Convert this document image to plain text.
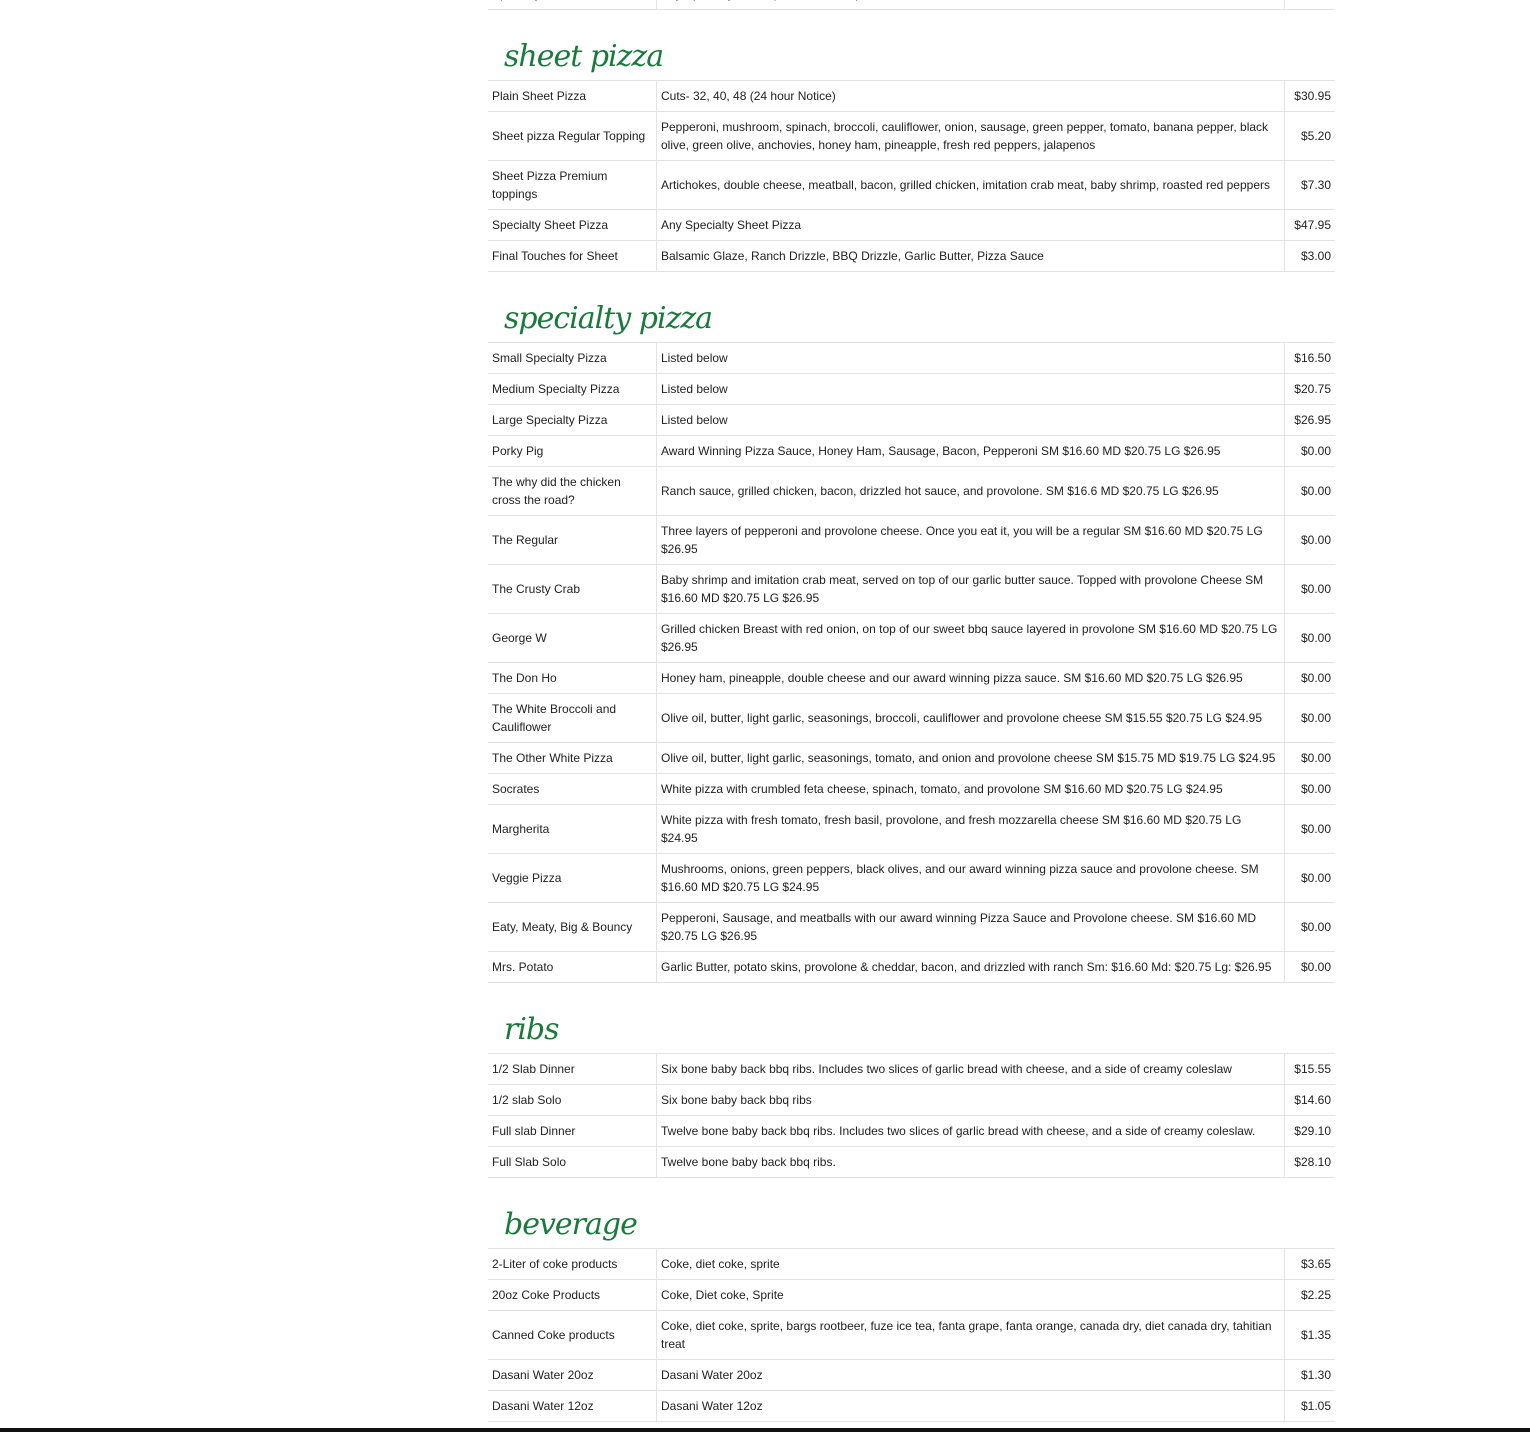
sheet pizza
Plain Sheet Pizza	Cuts- 32, 40, 48 (24 hour Notice)	$30.95
Sheet pizza Regular Topping	Pepperoni, mushroom, spinach, broccoli, cauliflower, onion, sausage, green pepper, tomato, banana pepper, black olive, green olive, anchovies, honey ham, pineapple, fresh red peppers, jalapenos	$5.20
Sheet Pizza Premium toppings	Artichokes, double cheese, meatball, bacon, grilled chicken, imitation crab meat, baby shrimp, roasted red peppers	$7.30
Specialty Sheet Pizza	Any Specialty Sheet Pizza	$47.95
Final Touches for Sheet	Balsamic Glaze, Ranch Drizzle, BBQ Drizzle, Garlic Butter, Pizza Sauce	$3.00
specialty pizza
Small Specialty Pizza	Listed below	$16.50
Medium Specialty Pizza	Listed below	$20.75
Large Specialty Pizza	Listed below	$26.95
Porky Pig	Award Winning Pizza Sauce, Honey Ham, Sausage, Bacon, Pepperoni SM $16.60 MD $20.75 LG $26.95	$0.00
The why did the chicken cross the road?	Ranch sauce, grilled chicken, bacon, drizzled hot sauce, and provolone. SM $16.6 MD $20.75 LG $26.95	$0.00
The Regular	Three layers of pepperoni and provolone cheese. Once you eat it, you will be a regular SM $16.60 MD $20.75 LG $26.95	$0.00
The Crusty Crab	Baby shrimp and imitation crab meat, served on top of our garlic butter sauce. Topped with provolone Cheese SM $16.60 MD $20.75 LG $26.95	$0.00
George W	Grilled chicken Breast with red onion, on top of our sweet bbq sauce layered in provolone SM $16.60 MD $20.75 LG $26.95	$0.00
The Don Ho	Honey ham, pineapple, double cheese and our award winning pizza sauce. SM $16.60 MD $20.75 LG $26.95	$0.00
The White Broccoli and Cauliflower	Olive oil, butter, light garlic, seasonings, broccoli, cauliflower and provolone cheese SM $15.55 $20.75 LG $24.95	$0.00
The Other White Pizza	Olive oil, butter, light garlic, seasonings, tomato, and onion and provolone cheese SM $15.75 MD $19.75 LG $24.95	$0.00
Socrates	White pizza with crumbled feta cheese, spinach, tomato, and provolone SM $16.60 MD $20.75 LG $24.95	$0.00
Margherita	White pizza with fresh tomato, fresh basil, provolone, and fresh mozzarella cheese SM $16.60 MD $20.75 LG $24.95	$0.00
Veggie Pizza	Mushrooms, onions, green peppers, black olives, and our award winning pizza sauce and provolone cheese. SM $16.60 MD $20.75 LG $24.95	$0.00
Eaty, Meaty, Big & Bouncy	Pepperoni, Sausage, and meatballs with our award winning Pizza Sauce and Provolone cheese. SM $16.60 MD $20.75 LG $26.95	$0.00
Mrs. Potato	Garlic Butter, potato skins, provolone & cheddar, bacon, and drizzled with ranch Sm: $16.60 Md: $20.75 Lg: $26.95	$0.00
ribs
1/2 Slab Dinner	Six bone baby back bbq ribs. Includes two slices of garlic bread with cheese, and a side of creamy coleslaw	$15.55
1/2 slab Solo	Six bone baby back bbq ribs	$14.60
Full slab Dinner	Twelve bone baby back bbq ribs. Includes two slices of garlic bread with cheese, and a side of creamy coleslaw.	$29.10
Full Slab Solo	Twelve bone baby back bbq ribs.	$28.10
beverage
2-Liter of coke products	Coke, diet coke, sprite	$3.65
20oz Coke Products	Coke, Diet coke, Sprite	$2.25
Canned Coke products	Coke, diet coke, sprite, bargs rootbeer, fuze ice tea, fanta grape, fanta orange, canada dry, diet canada dry, tahitian treat	$1.35
Dasani Water 20oz	Dasani Water 20oz	$1.30
Dasani Water 12oz	Dasani Water 12oz	$1.05
